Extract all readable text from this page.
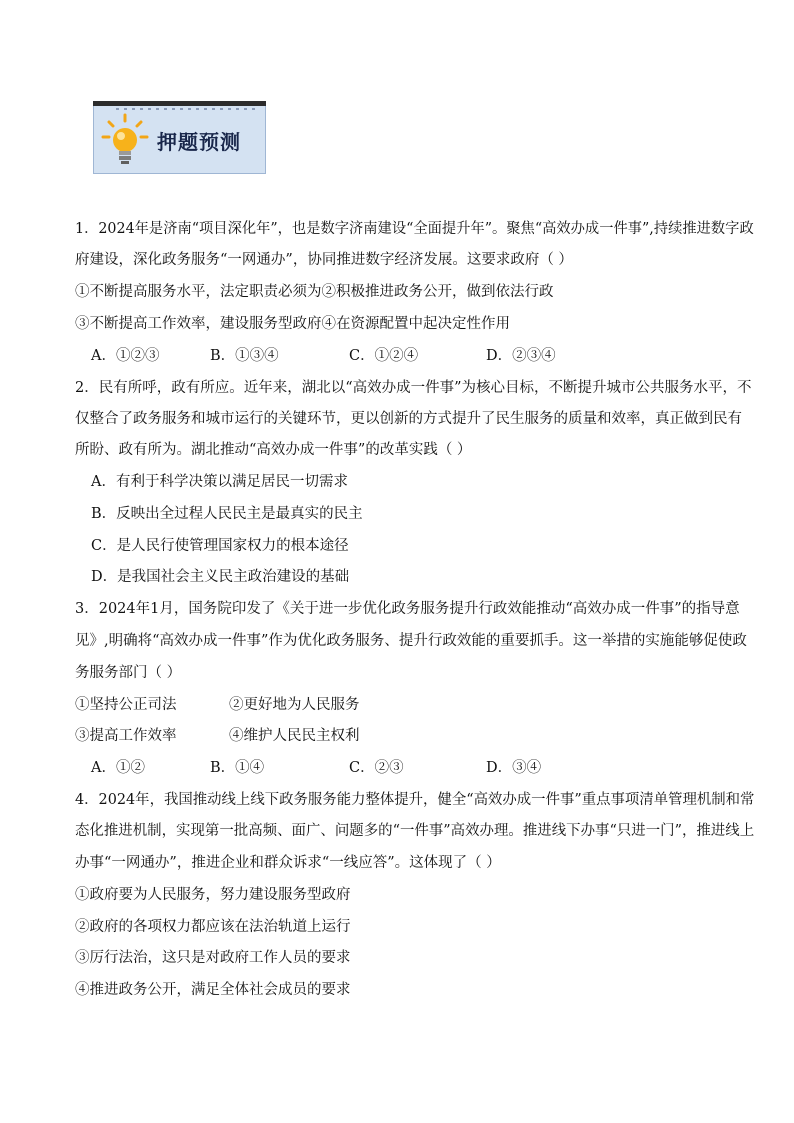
押题预测
1．2024年是济南“项目深化年”，也是数字济南建设“全面提升年”。聚焦“高效办成一件事”,持续推进数字政
府建设，深化政务服务“一网通办”，协同推进数字经济发展。这要求政府（ ）
①不断提高服务水平，法定职责必须为②积极推进政务公开，做到依法行政
③不断提高工作效率，建设服务型政府④在资源配置中起决定性作用
A．①②③	B．①③④	C．①②④	D．②③④
2．民有所呼，政有所应。近年来，湖北以“高效办成一件事”为核心目标，不断提升城市公共服务水平，不
仅整合了政务服务和城市运行的关键环节，更以创新的方式提升了民生服务的质量和效率，真正做到民有
所盼、政有所为。湖北推动“高效办成一件事”的改革实践（ ）
A．有利于科学决策以满足居民一切需求
B．反映出全过程人民民主是最真实的民主
C．是人民行使管理国家权力的根本途径
D．是我国社会主义民主政治建设的基础
3．2024年1月，国务院印发了《关于进一步优化政务服务提升行政效能推动“高效办成一件事”的指导意
见》,明确将“高效办成一件事”作为优化政务服务、提升行政效能的重要抓手。这一举措的实施能够促使政
务服务部门（ ）
①坚持公正司法	②更好地为人民服务
③提高工作效率	④维护人民民主权利
A．①②	B．①④	C．②③	D．③④
4．2024年，我国推动线上线下政务服务能力整体提升，健全“高效办成一件事”重点事项清单管理机制和常
态化推进机制，实现第一批高频、面广、问题多的“一件事”高效办理。推进线下办事“只进一门”，推进线上
办事“一网通办”，推进企业和群众诉求“一线应答”。这体现了（ ）
①政府要为人民服务，努力建设服务型政府
②政府的各项权力都应该在法治轨道上运行
③厉行法治，这只是对政府工作人员的要求
④推进政务公开，满足全体社会成员的要求
